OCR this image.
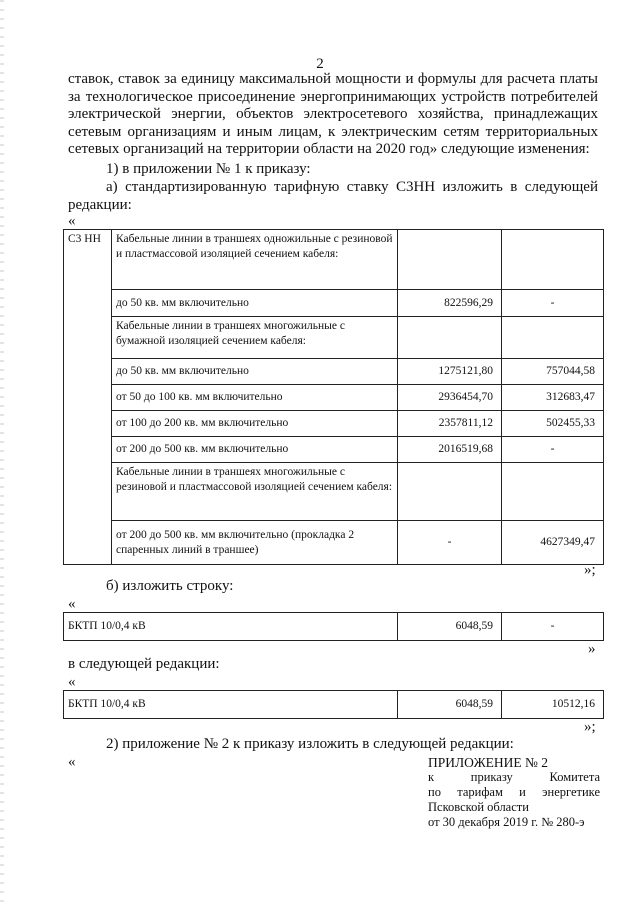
2
ставок, ставок за единицу максимальной мощности и формулы для расчета платы
за технологическое присоединение энергопринимающих устройств потребителей
электрической энергии, объектов электросетевого хозяйства, принадлежащих
сетевым организациям и иным лицам, к электрическим сетям территориальных
сетевых организаций на территории области на 2020 год» следующие изменения:
1) в приложении № 1 к приказу:
а) стандартизированную тарифную ставку С3НН изложить в следующей
редакции:
«
С3 НН	Кабельные линии в траншеях одножильные с резиновой и пластмассовой изоляцией сечением кабеля:		
	до 50 кв. мм включительно	822596,29	-
	Кабельные линии в траншеях многожильные с бумажной изоляцией сечением кабеля:		
	до 50 кв. мм включительно	1275121,80	757044,58
	от 50 до 100 кв. мм включительно	2936454,70	312683,47
	от 100 до 200 кв. мм включительно	2357811,12	502455,33
	от 200 до 500 кв. мм включительно	2016519,68	-
	Кабельные линии в траншеях многожильные с резиновой и пластмассовой изоляцией сечением кабеля:		
	от 200 до 500 кв. мм включительно (прокладка 2 спаренных линий в траншее)	-	4627349,47
»;
б) изложить строку:
«
БКТП 10/0,4 кВ	6048,59	-
»
в следующей редакции:
«
БКТП 10/0,4 кВ	6048,59	10512,16
»;
2) приложение № 2 к приказу изложить в следующей редакции:
«	ПРИЛОЖЕНИЕ № 2
к приказу Комитета
по тарифам и энергетике
Псковской области
от 30 декабря 2019 г. № 280-э
